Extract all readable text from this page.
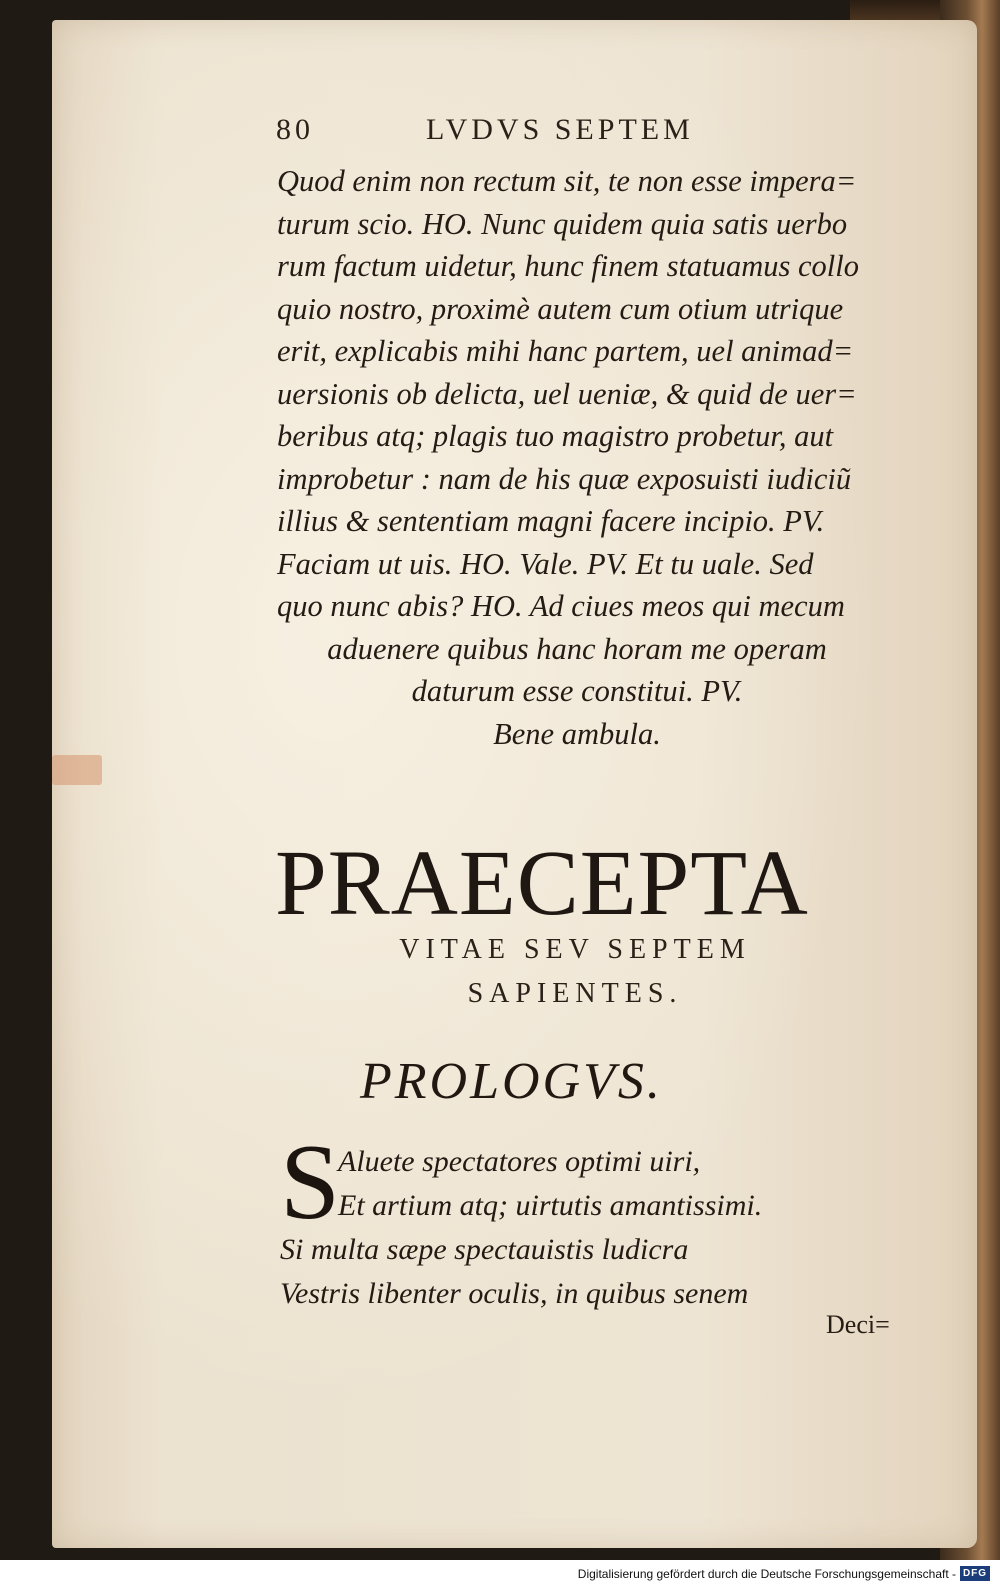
80	LVDVS SEPTEM
Quod enim non rectum sit, te non esse impera=
turum scio. HO. Nunc quidem quia satis uerbo
rum factum uidetur, hunc finem statuamus collo
quio nostro, proximè autem cum otium utrique
erit, explicabis mihi hanc partem, uel animad=
uersionis ob delicta, uel ueniæ, & quid de uer=
beribus atq; plagis tuo magistro probetur, aut
improbetur : nam de his quæ exposuisti iudiciũ
illius & sententiam magni facere incipio. PV.
Faciam ut uis. HO. Vale. PV. Et tu uale. Sed
quo nunc abis? HO. Ad ciues meos qui mecum
aduenere quibus hanc horam me operam
daturum esse constitui. PV.
Bene ambula.
PRAECEPTA
VITAE SEV SEPTEM
SAPIENTES.
PROLOGVS.
S
Aluete spectatores optimi uiri,
Et artium atq; uirtutis amantissimi.
Si multa sæpe spectauistis ludicra
Vestris libenter oculis, in quibus senem
Deci=
Digitalisierung gefördert durch die Deutsche Forschungsgemeinschaft - DFG
